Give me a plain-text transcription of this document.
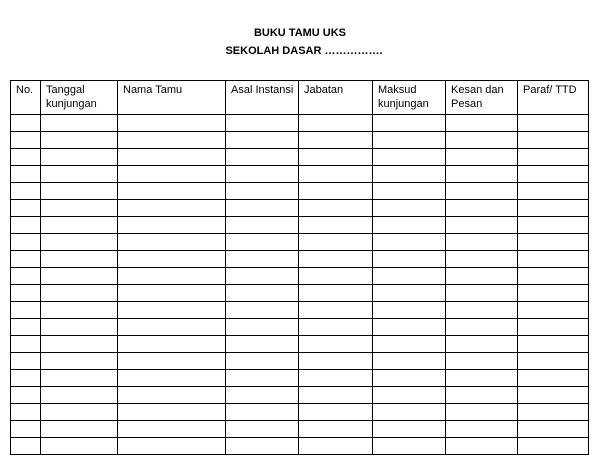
BUKU TAMU UKS
SEKOLAH DASAR …………….
No.	Tanggal kunjungan	Nama Tamu	Asal Instansi	Jabatan	Maksud kunjungan	Kesan dan Pesan	Paraf/ TTD
